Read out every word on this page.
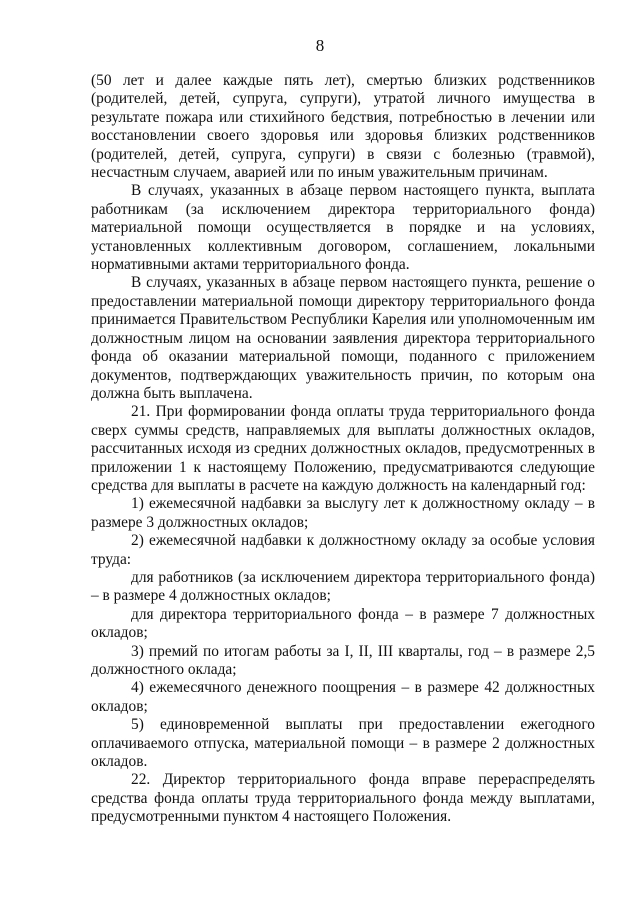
8

(50 лет и далее каждые пять лет), смертью близких родственников (родителей, детей, супруга, супруги), утратой личного имущества в результате пожара или стихийного бедствия, потребностью в лечении или восстановлении своего здоровья или здоровья близких родственников (родителей, детей, супруга, супруги) в связи с болезнью (травмой), несчастным случаем, аварией или по иным уважительным причинам.

В случаях, указанных в абзаце первом настоящего пункта, выплата работникам (за исключением директора территориального фонда) материальной помощи осуществляется в порядке и на условиях, установленных коллективным договором, соглашением, локальными нормативными актами территориального фонда.

В случаях, указанных в абзаце первом настоящего пункта, решение о предоставлении материальной помощи директору территориального фонда принимается Правительством Республики Карелия или уполномоченным им должностным лицом на основании заявления директора территориального фонда об оказании материальной помощи, поданного с приложением документов, подтверждающих уважительность причин, по которым она должна быть выплачена.

21. При формировании фонда оплаты труда территориального фонда сверх суммы средств, направляемых для выплаты должностных окладов, рассчитанных исходя из средних должностных окладов, предусмотренных в приложении 1 к настоящему Положению, предусматриваются следующие средства для выплаты в расчете на каждую должность на календарный год:

1) ежемесячной надбавки за выслугу лет к должностному окладу – в размере 3 должностных окладов;

2) ежемесячной надбавки к должностному окладу за особые условия труда:

для работников (за исключением директора территориального фонда) – в размере 4 должностных окладов;

для директора территориального фонда – в размере 7 должностных окладов;

3) премий по итогам работы за I, II, III кварталы, год – в размере 2,5 должностного оклада;

4) ежемесячного денежного поощрения – в размере 42 должностных окладов;

5) единовременной выплаты при предоставлении ежегодного оплачиваемого отпуска, материальной помощи – в размере 2 должностных окладов.

22. Директор территориального фонда вправе перераспределять средства фонда оплаты труда территориального фонда между выплатами, предусмотренными пунктом 4 настоящего Положения.
